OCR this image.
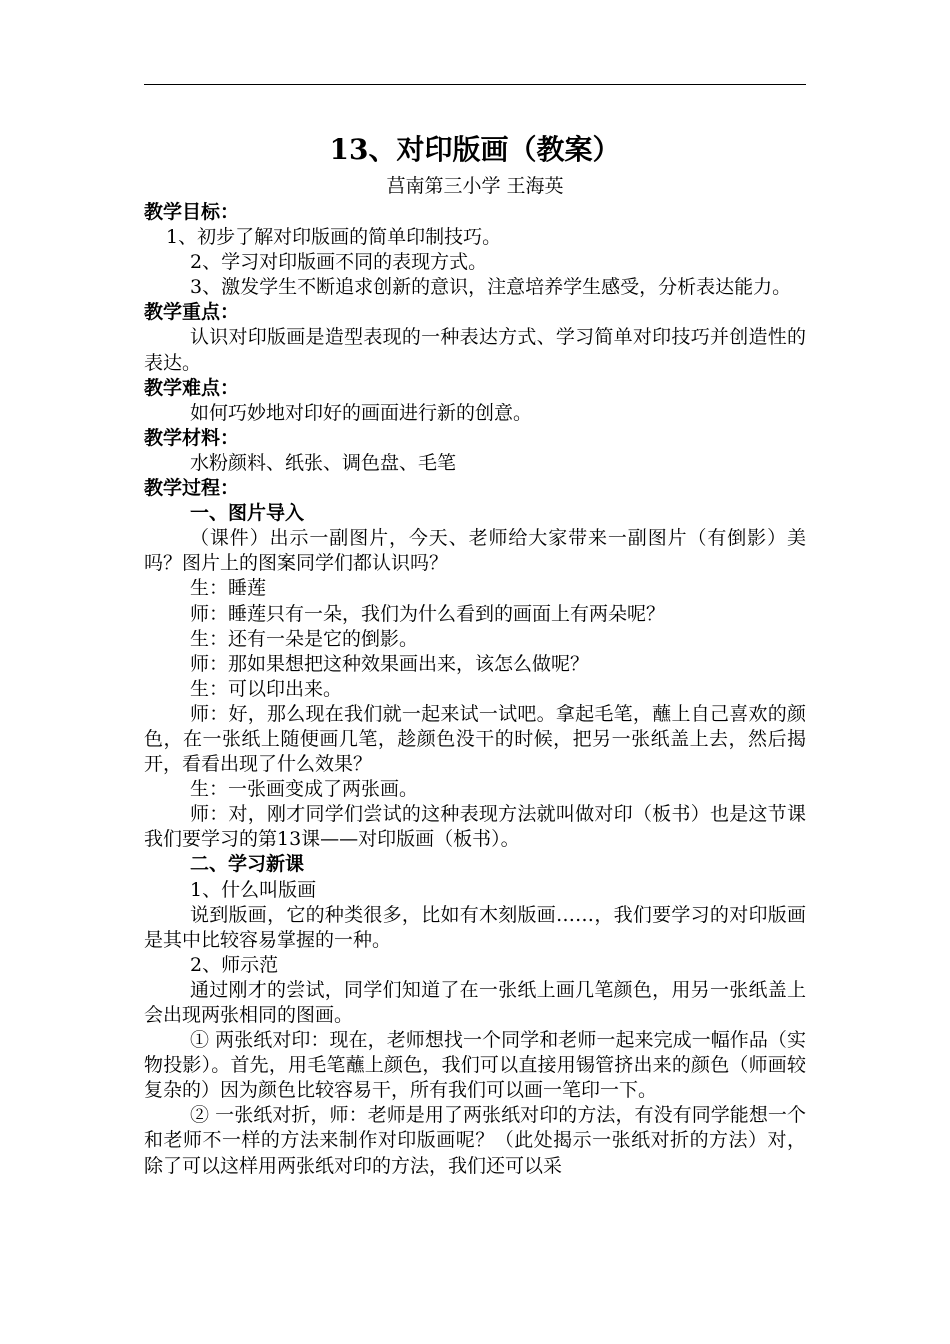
13、对印版画（教案）
莒南第三小学 王海英

教学目标：

1、初步了解对印版画的简单印制技巧。

2、学习对印版画不同的表现方式。

3、激发学生不断追求创新的意识，注意培养学生感受，分析表达能力。

教学重点：

认识对印版画是造型表现的一种表达方式、学习简单对印技巧并创造性的表达。

教学难点：

如何巧妙地对印好的画面进行新的创意。

教学材料：

水粉颜料、纸张、调色盘、毛笔

教学过程：

一、图片导入

（课件）出示一副图片，今天、老师给大家带来一副图片（有倒影）美吗？图片上的图案同学们都认识吗？

生：睡莲

师：睡莲只有一朵，我们为什么看到的画面上有两朵呢？

生：还有一朵是它的倒影。

师：那如果想把这种效果画出来，该怎么做呢？

生：可以印出来。

师：好，那么现在我们就一起来试一试吧。拿起毛笔，蘸上自己喜欢的颜色，在一张纸上随便画几笔，趁颜色没干的时候，把另一张纸盖上去，然后揭开，看看出现了什么效果？

生：一张画变成了两张画。

师：对，刚才同学们尝试的这种表现方法就叫做对印（板书）也是这节课我们要学习的第13课——对印版画（板书）。

二、学习新课

1、什么叫版画

说到版画，它的种类很多，比如有木刻版画……，我们要学习的对印版画是其中比较容易掌握的一种。

2、师示范

通过刚才的尝试，同学们知道了在一张纸上画几笔颜色，用另一张纸盖上会出现两张相同的图画。

① 两张纸对印：现在，老师想找一个同学和老师一起来完成一幅作品（实物投影）。首先，用毛笔蘸上颜色，我们可以直接用锡管挤出来的颜色（师画较复杂的）因为颜色比较容易干，所有我们可以画一笔印一下。

② 一张纸对折，师：老师是用了两张纸对印的方法，有没有同学能想一个和老师不一样的方法来制作对印版画呢？（此处揭示一张纸对折的方法）对，除了可以这样用两张纸对印的方法，我们还可以采
